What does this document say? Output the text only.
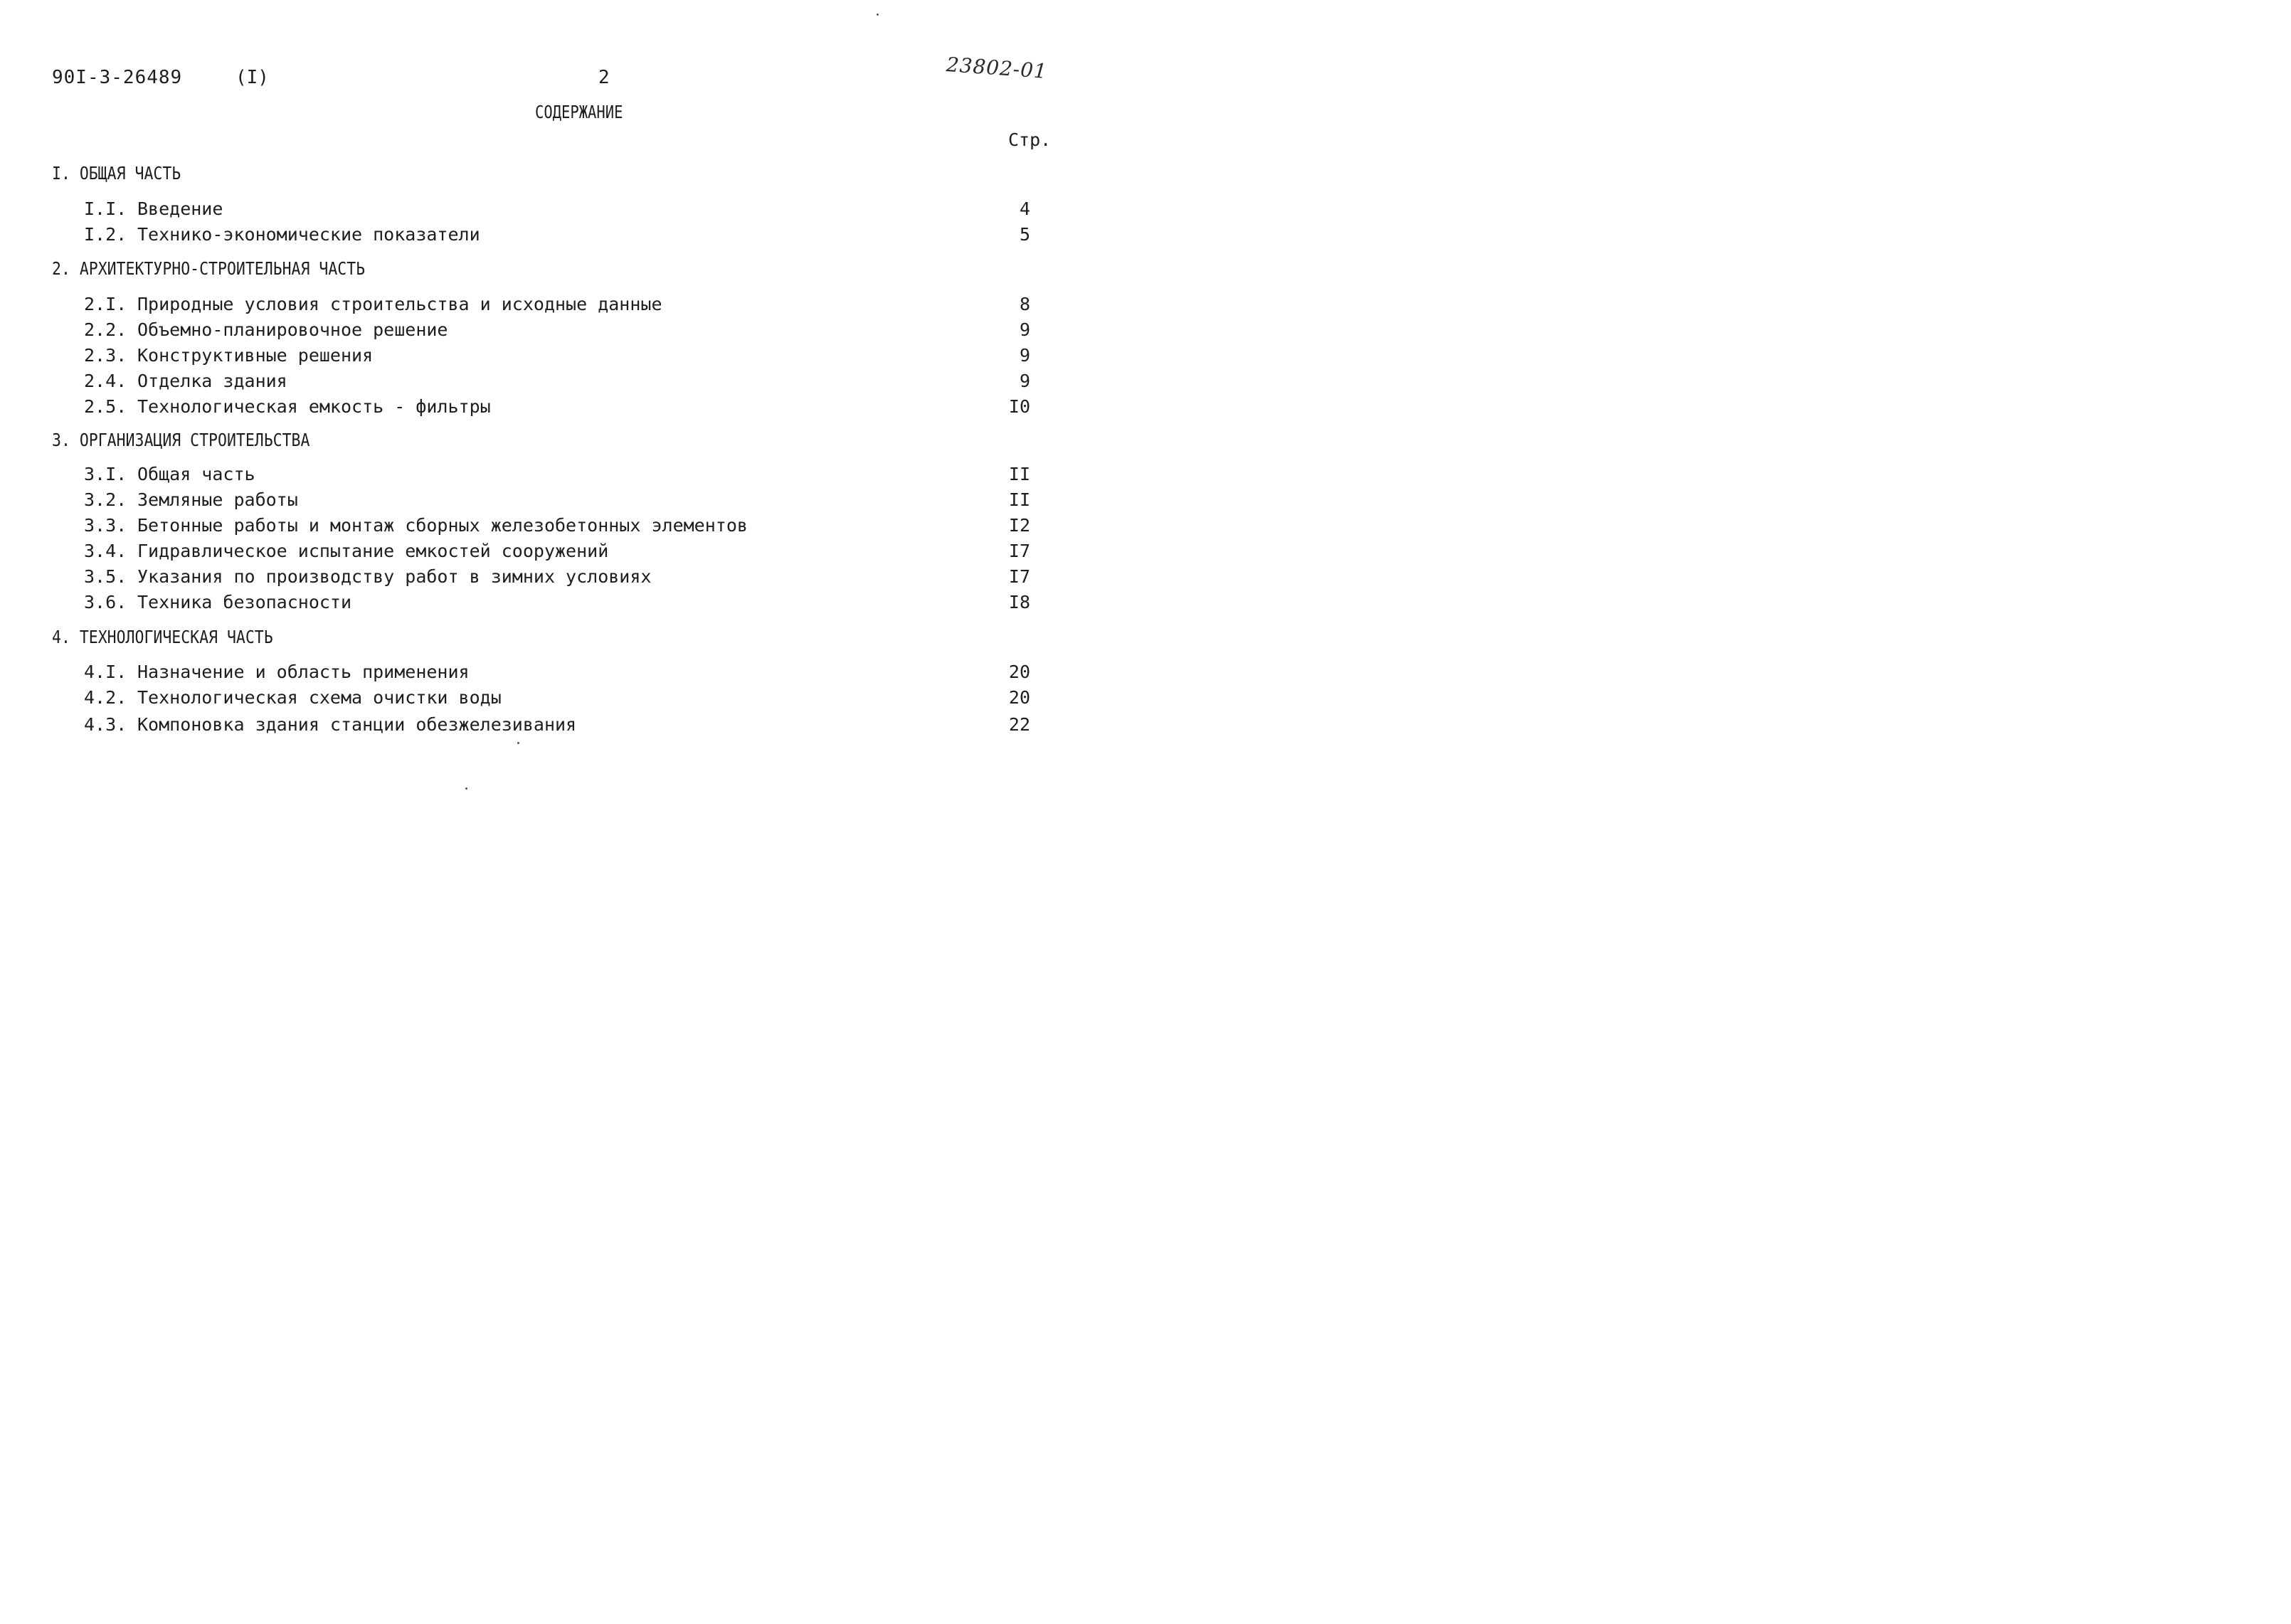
90I-3-26489	(I)	2	23802-01
СОДЕРЖАНИЕ
Стр.
I. ОБЩАЯ ЧАСТЬ
I.I. Введение	4
I.2. Технико-экономические показатели	5
2. АРХИТЕКТУРНО-СТРОИТЕЛЬНАЯ ЧАСТЬ
2.I. Природные условия строительства и исходные данные	8
2.2. Объемно-планировочное решение	9
2.3. Конструктивные решения	9
2.4. Отделка здания	9
2.5. Технологическая емкость - фильтры	I0
3. ОРГАНИЗАЦИЯ СТРОИТЕЛЬСТВА
3.I. Общая часть	II
3.2. Земляные работы	II
3.3. Бетонные работы и монтаж сборных железобетонных элементов	I2
3.4. Гидравлическое испытание емкостей сооружений	I7
3.5. Указания по производству работ в зимних условиях	I7
3.6. Техника безопасности	I8
4. ТЕХНОЛОГИЧЕСКАЯ ЧАСТЬ
4.I. Назначение и область применения	20
4.2. Технологическая схема очистки воды	20
4.3. Компоновка здания станции обезжелезивания	22
